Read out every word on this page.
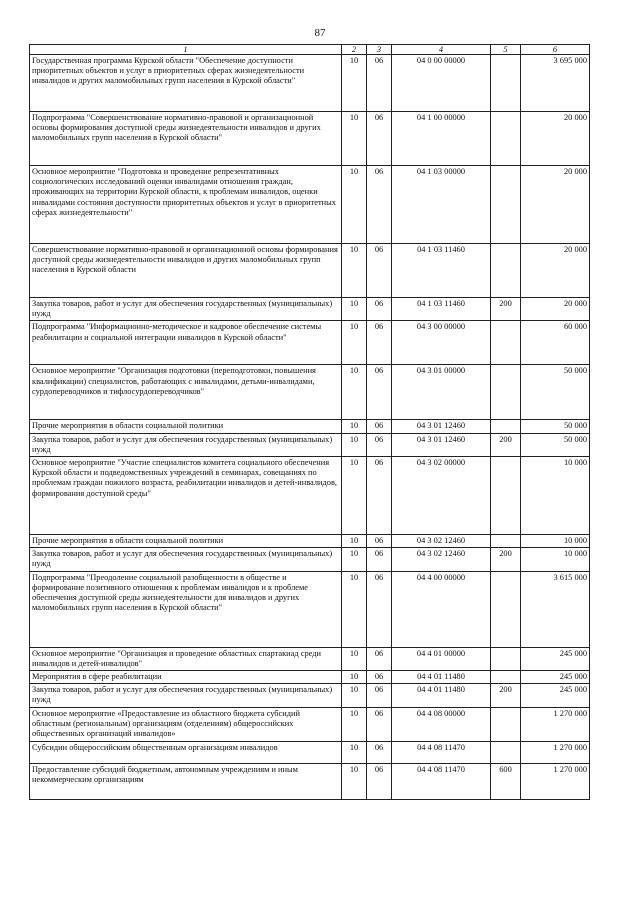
87
1	2	3	4	5	6
Государственная программа Курской области "Обеспечение доступности приоритетных объектов и услуг в приоритетных сферах жизнедеятельности инвалидов и других маломобильных групп населения в Курской области"	10	06	04 0 00 00000		3 695 000
Подпрограмма "Совершенствование нормативно-правовой и организационной основы формирования доступной среды жизнедеятельности инвалидов и других маломобильных групп населения в Курской области"	10	06	04 1 00 00000		20 000
Основное мероприятие "Подготовка и проведение репрезентативных социологических исследований оценки инвалидами отношения граждан, проживающих на территории Курской области, к проблемам инвалидов, оценки инвалидами состояния доступности приоритетных объектов и услуг в приоритетных сферах жизнедеятельности"	10	06	04 1 03 00000		20 000
Совершенствование нормативно-правовой и организационной основы формирования доступной среды жизнедеятельности инвалидов и других маломобильных групп населения в Курской области	10	06	04 1 03 11460		20 000
Закупка товаров, работ и услуг для обеспечения государственных (муниципальных) нужд	10	06	04 1 03 11460	200	20 000
Подпрограмма "Информационно-методическое и кадровое обеспечение системы реабилитации и социальной интеграции инвалидов в Курской области"	10	06	04 3 00 00000		60 000
Основное мероприятие "Организация подготовки (переподготовки, повышения квалификации) специалистов, работающих с инвалидами, детьми-инвалидами, сурдопереводчиков и тифлосурдопереводчиков"	10	06	04 3 01 00000		50 000
Прочие мероприятия в области социальной политики	10	06	04 3 01 12460		50 000
Закупка товаров, работ и услуг для обеспечения государственных (муниципальных) нужд	10	06	04 3 01 12460	200	50 000
Основное мероприятие "Участие специалистов комитета социального обеспечения Курской области и подведомственных учреждений в семинарах, совещаниях по проблемам граждан пожилого возраста, реабилитации инвалидов и детей-инвалидов, формирования доступной среды"	10	06	04 3 02 00000		10 000
Прочие мероприятия в области социальной политики	10	06	04 3 02 12460		10 000
Закупка товаров, работ и услуг для обеспечения государственных (муниципальных) нужд	10	06	04 3 02 12460	200	10 000
Подпрограмма "Преодоление социальной разобщенности в обществе и формирование позитивного отношения к проблемам инвалидов и к проблеме обеспечения доступной среды жизнедеятельности для инвалидов и других маломобильных групп населения в Курской области"	10	06	04 4 00 00000		3 615 000
Основное мероприятие "Организация и проведение областных спартакиад среди инвалидов и детей-инвалидов"	10	06	04 4 01 00000		245 000
Мероприятия в сфере реабилитации	10	06	04 4 01 11480		245 000
Закупка товаров, работ и услуг для обеспечения государственных (муниципальных) нужд	10	06	04 4 01 11480	200	245 000
Основное мероприятие «Предоставление из областного бюджета субсидий областным (региональным) организациям (отделениям) общероссийских общественных организаций инвалидов»	10	06	04 4 08 00000		1 270 000
Субсидии общероссийским общественным организациям инвалидов	10	06	04 4 08 11470		1 270 000
Предоставление субсидий бюджетным, автономным учреждениям и иным некоммерческим организациям	10	06	04 4 08 11470	600	1 270 000
